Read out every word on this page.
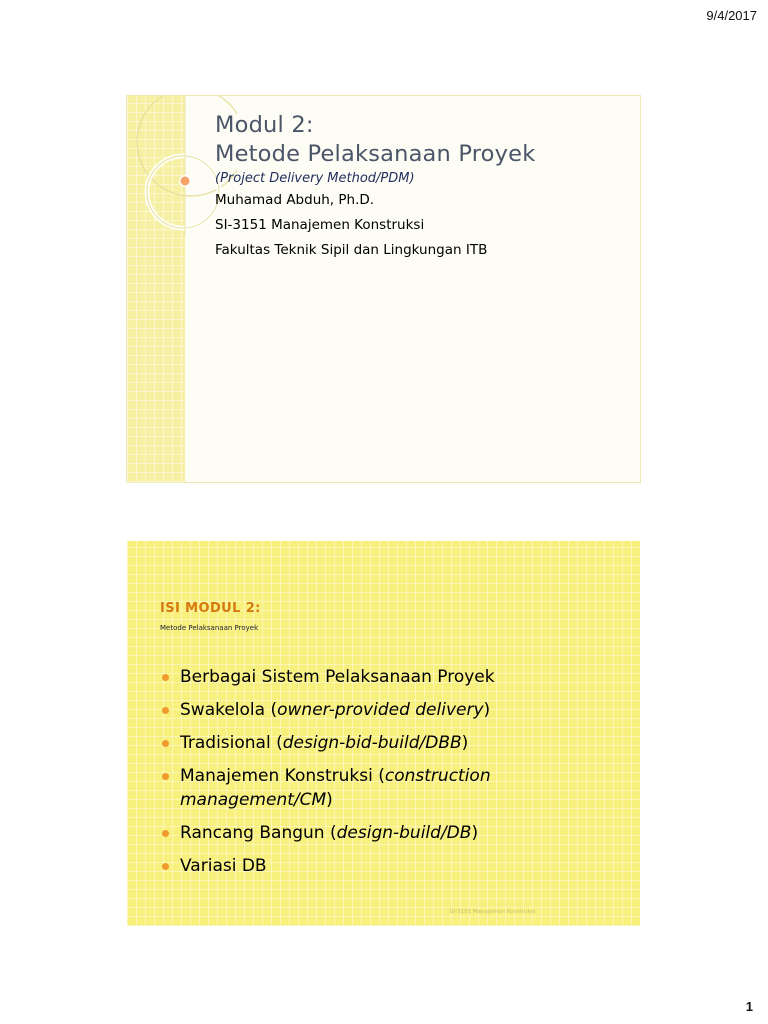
9/4/2017
Modul 2:
Metode Pelaksanaan Proyek
(Project Delivery Method/PDM)
Muhamad Abduh, Ph.D.
SI-3151 Manajemen Konstruksi
Fakultas Teknik Sipil dan Lingkungan ITB
ISI MODUL 2:
Metode Pelaksanaan Proyek
Berbagai Sistem Pelaksanaan Proyek
Swakelola (owner-provided delivery)
Tradisional (design-bid-build/DBB)
Manajemen Konstruksi (construction management/CM)
Rancang Bangun (design-build/DB)
Variasi DB
SI-3151 Manajemen Konstruksi
1
